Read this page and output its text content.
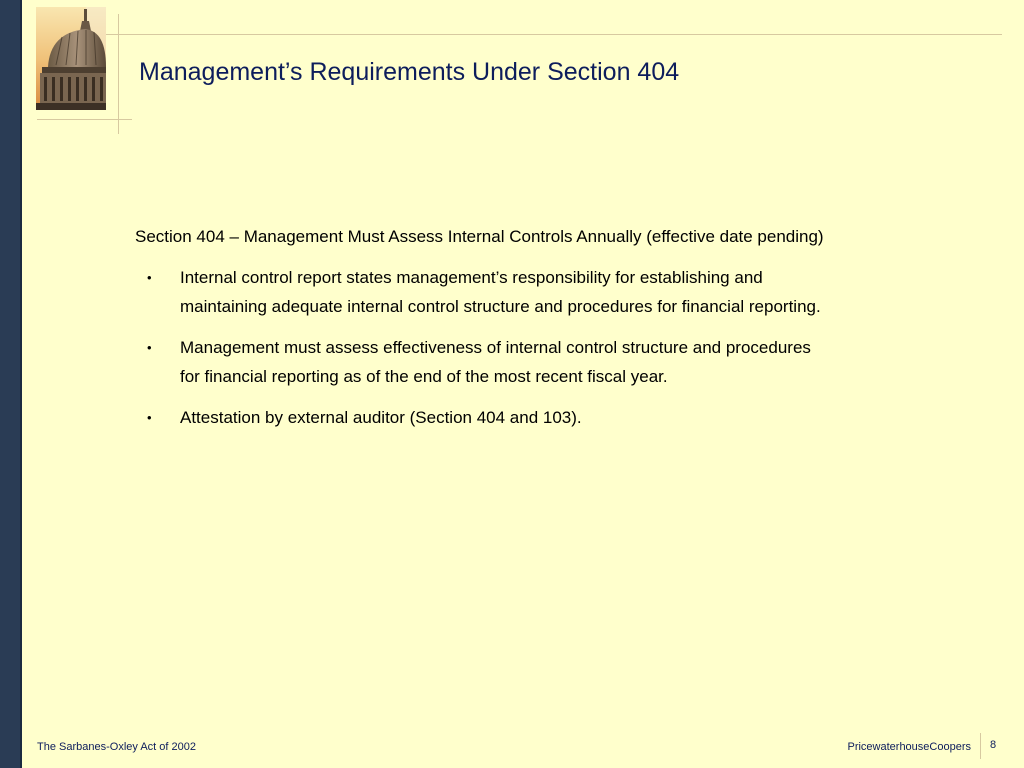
Management’s Requirements Under Section 404

Section 404 – Management Must Assess Internal Controls Annually (effective date pending)

• Internal control report states management’s responsibility for establishing and maintaining adequate internal control structure and procedures for financial reporting.
• Management must assess effectiveness of internal control structure and procedures for financial reporting as of the end of the most recent fiscal year.
• Attestation by external auditor (Section 404 and 103).
The Sarbanes-Oxley Act of 2002	PricewaterhouseCoopers 8
